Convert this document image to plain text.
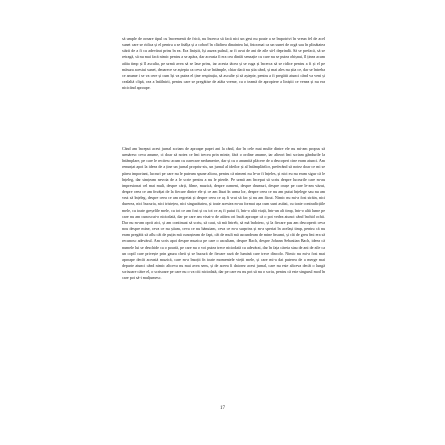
să umple de ornare tipul cu încremenit de frică, nu încerca să facă nici un gest nu poate a se împotrivi în vreun fel de acel sunet care se ridica și el pentru a se înălța și a coborî în clădirea dinaintea lui, întocmai ca un sunet de orgă sau în plinătatea stării de a fi cu adevărat prins în ea. Era liniștit, își auzea pulsul, ar fi avut de ani de zile să-l deprindă. Să se prefacă, să se retragă, să nu mai facă nimic pentru a se apăra, dar aceasta îi era cea dintâi senzație cu care nu se putea obișnui, îl ținea acum atâta timp și îl asculta, pe urmă avea să se lase prins, iar acesta tăcea și se ruga și încerca să se ridice pentru a fi și el pe măsura acestui sunet, deoarece se aștepta ca ceva să se întâmple, chiar dacă nu știa când, și mai ales nu știa ce, dar se întreba ce anume i se va cere și cum își va putea el ține respirația, să asculte și să aștepte, pentru a fi pregătit atunci când va veni și cealaltă clipă, cea a întâlnirii, pentru care se pregătise de atâta vreme, cu o teamă de apropiere a liniștii ce venea și nu era nicicând aproape.

Când am început acest jurnal scriam de aproape papei ani la rând, dar în cele mai multe dintre ele nu mi-am propus să urmăresc ceva anume, ci doar să notez ce îmi trecea prin minte, fără o ordine anume, iar alteori îmi scriam gândurile la întâmplare, pe care le recitesc acum cu oarecare nedumerire, dar și cu o anumită plăcere de a descoperi cine eram atunci. Am renunțat apoi la ideea de a ține un jurnal propriu-zis, un jurnal al ideilor și al întâmplărilor, preferând să notez doar ce mi se părea important, lucruri pe care nu le puteam spune altora, pentru că nimeni nu le-ar fi înțeles, și nici eu nu eram sigur că le înțeleg, dar simțeam nevoia de a le scrie pentru a nu le pierde. Pe urmă am început să scriu despre lucrurile care m-au impresionat cel mai mult, despre cărți, filme, muzică, despre oameni, despre drumuri, despre orașe pe care le-am văzut, despre ceea ce am învățat de la fiecare dintre ele și ce am lăsat în urma lor, despre ceea ce nu am putut înțelege sau nu am vrut să înțeleg, despre ceea ce am regretat și despre ceea ce aș fi vrut să fac și nu am făcut. Nimic nu mi-a fost străin, nici durerea, nici bucuria, nici tristețea, nici singurătatea, și toate acestea m-au format așa cum sunt astăzi, cu toate contradicțiile mele, cu toate greșelile mele, cu tot ce am fost și cu tot ce aș fi putut fi, într-o altă viață, într-un alt timp, într-o altă lume pe care nu am cunoscut-o niciodată, dar pe care am visat-o de atâtea ori încât aproape că o pot vedea atunci când închid ochii. Dar nu m-am oprit aici, și am continuat să scriu, să caut, să mă întreb, să mă îndoiesc, și la fiecare pas am descoperit ceva nou despre mine, ceva ce nu știam, ceva ce nu bănuiam, ceva ce m-a surprins și m-a speriat în același timp, pentru că nu eram pregătit să aflu cât de puțin mă cunoșteam de fapt, cât de mult mă ascundeam de mine însumi, și cât de greu îmi era să recunosc adevărul. Am scris apoi despre muzica pe care o ascultam, despre Bach, despre Johann Sebastian Bach, ideea că numele lui se deschide ca o poartă, pe care nu o voi putea trece niciodată cu adevărat, dar în fața căreia stau de ani de zile ca un copil care privește prin gaura cheii și se bucură de fiecare rază de lumină care trece dincolo. Nimic nu mi-a fost mai aproape decât această muzică, care m-a însoțit în toate momentele vieții mele, și care mi-a dat puterea de a merge mai departe atunci când nimic altceva nu mai avea sens, și de aceea îi datorez acest jurnal, care nu este altceva decât o lungă scrisoare către el, o scrisoare pe care nu o va citi niciodată, dar pe care eu nu pot să nu o scriu, pentru că este singurul mod în care pot să-i mulțumesc.

17
